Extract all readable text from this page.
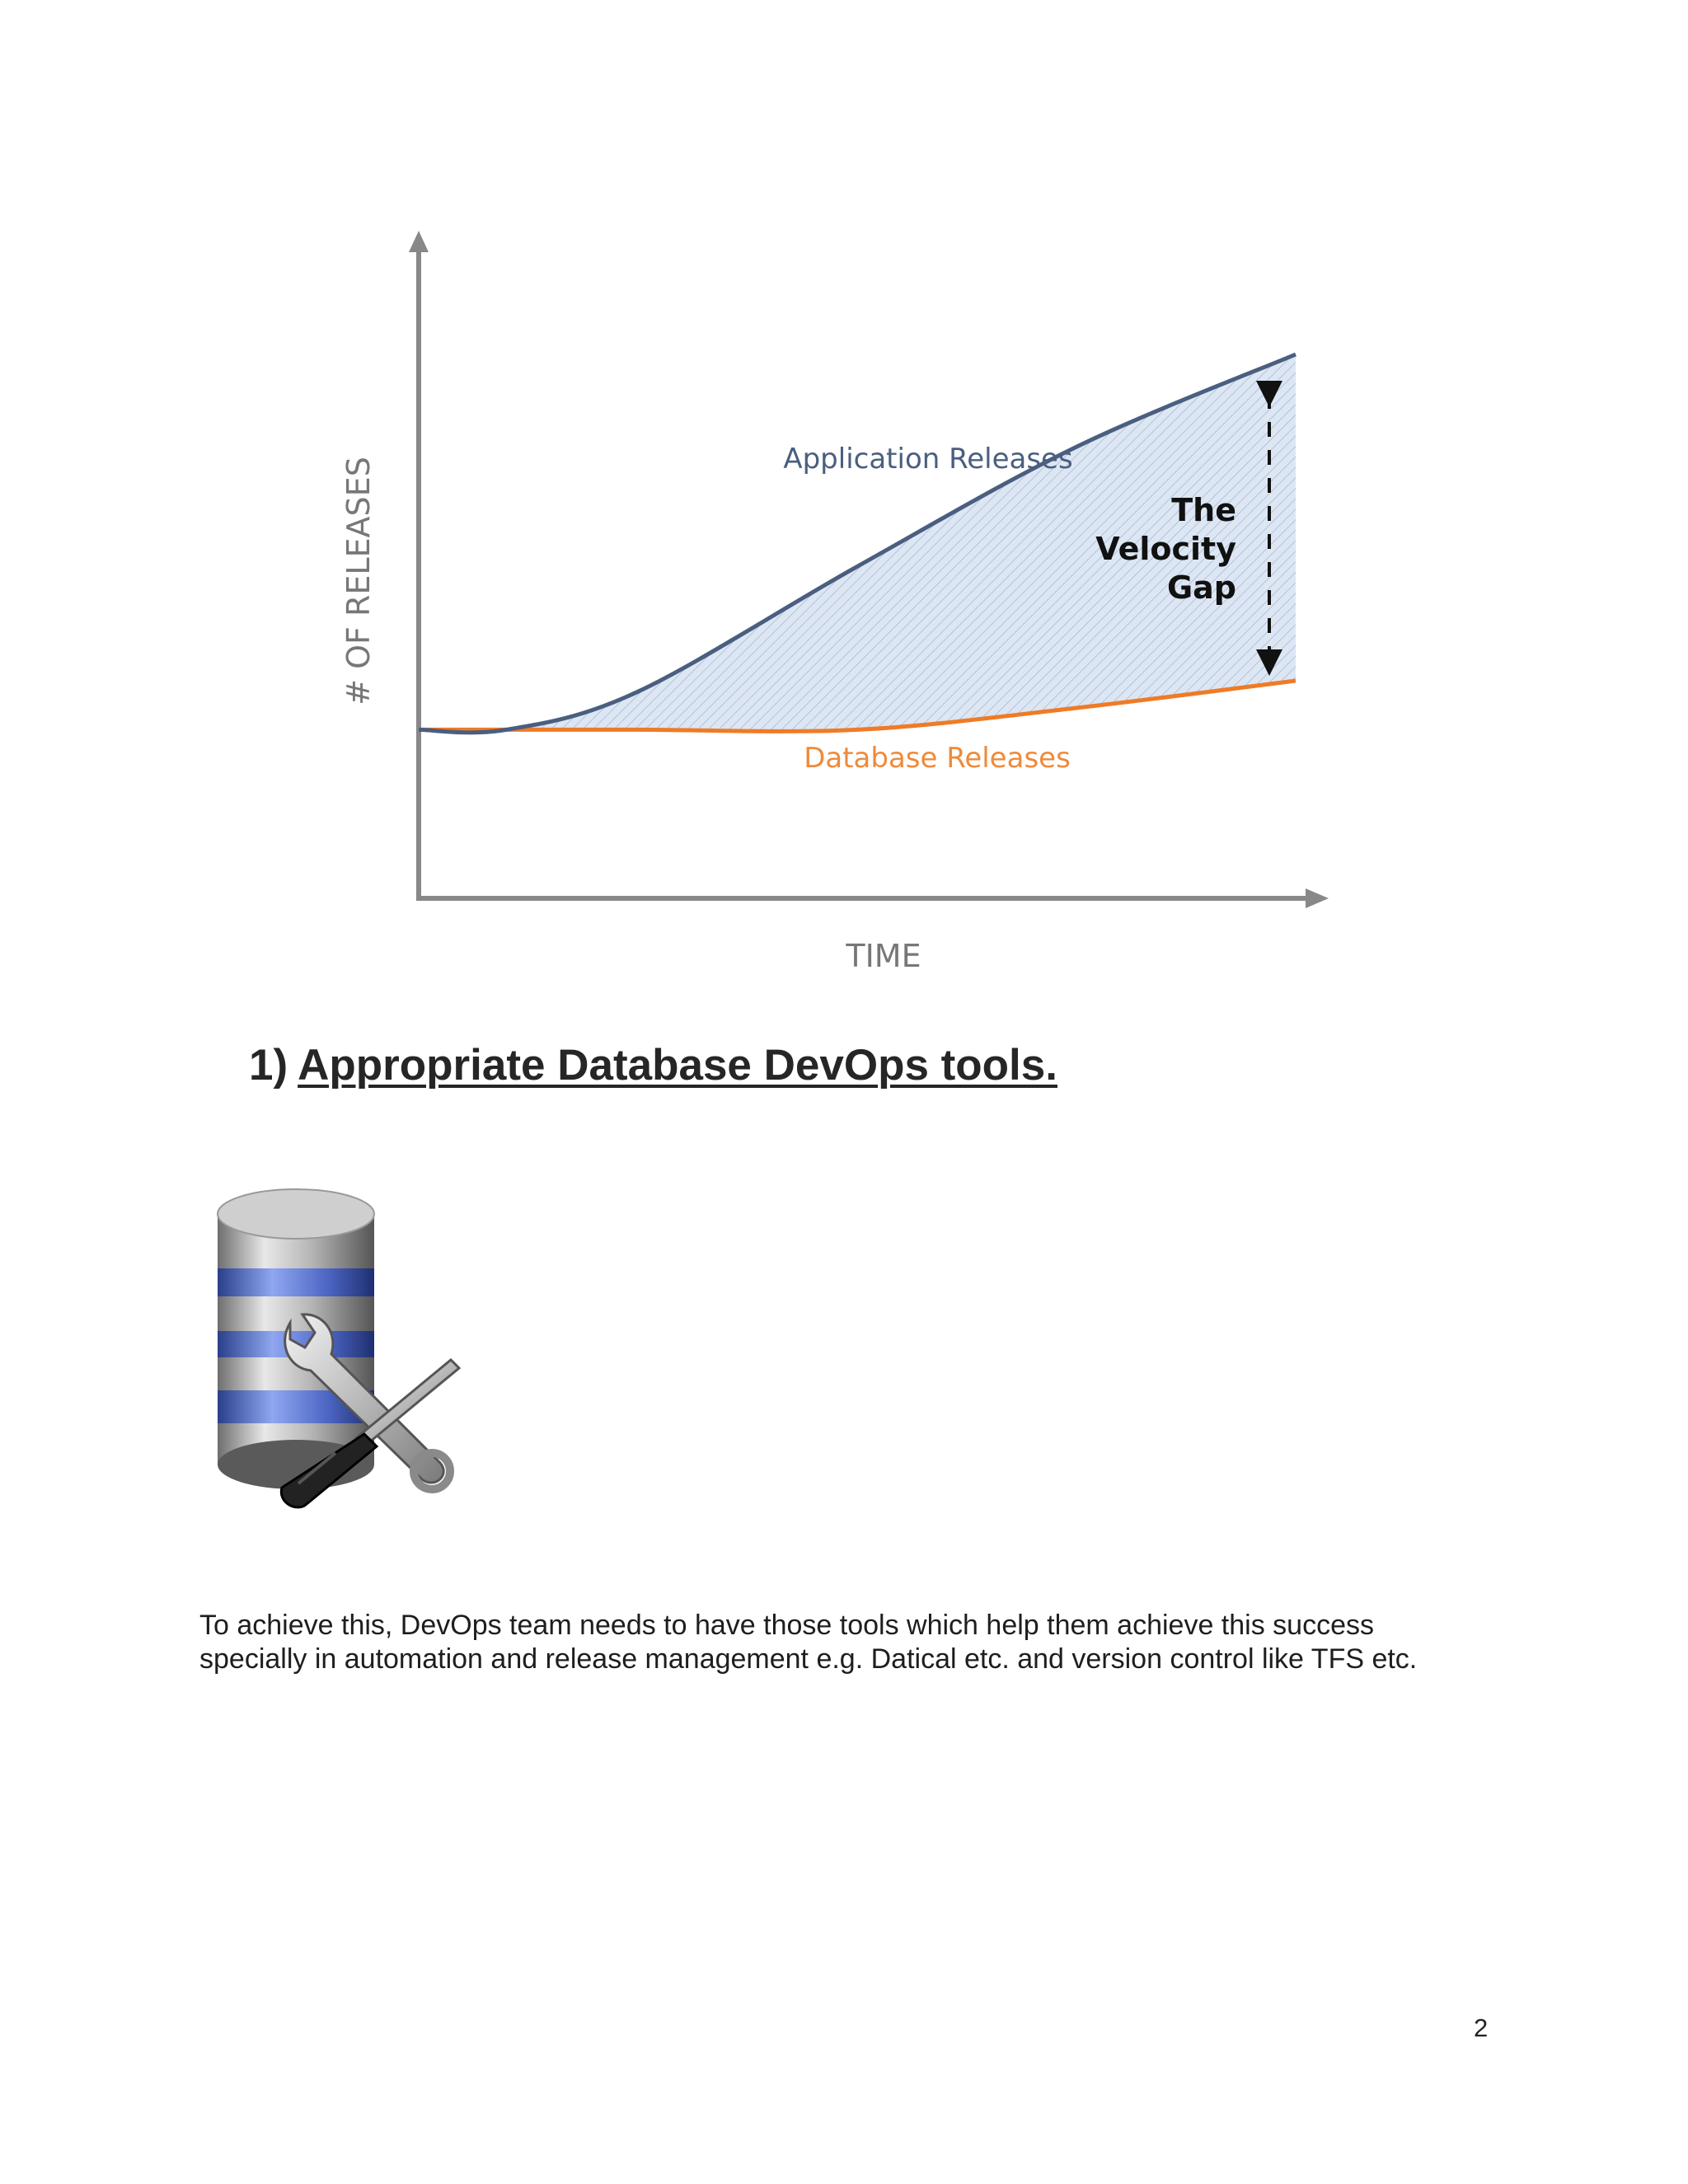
Application Releases
Database Releases
The
Velocity
Gap
TIME
# OF RELEASES
1) Appropriate Database DevOps tools.

To achieve this, DevOps team needs to have those tools which help them achieve this success
specially in automation and release management e.g. Datical etc. and version control like TFS etc.

2
